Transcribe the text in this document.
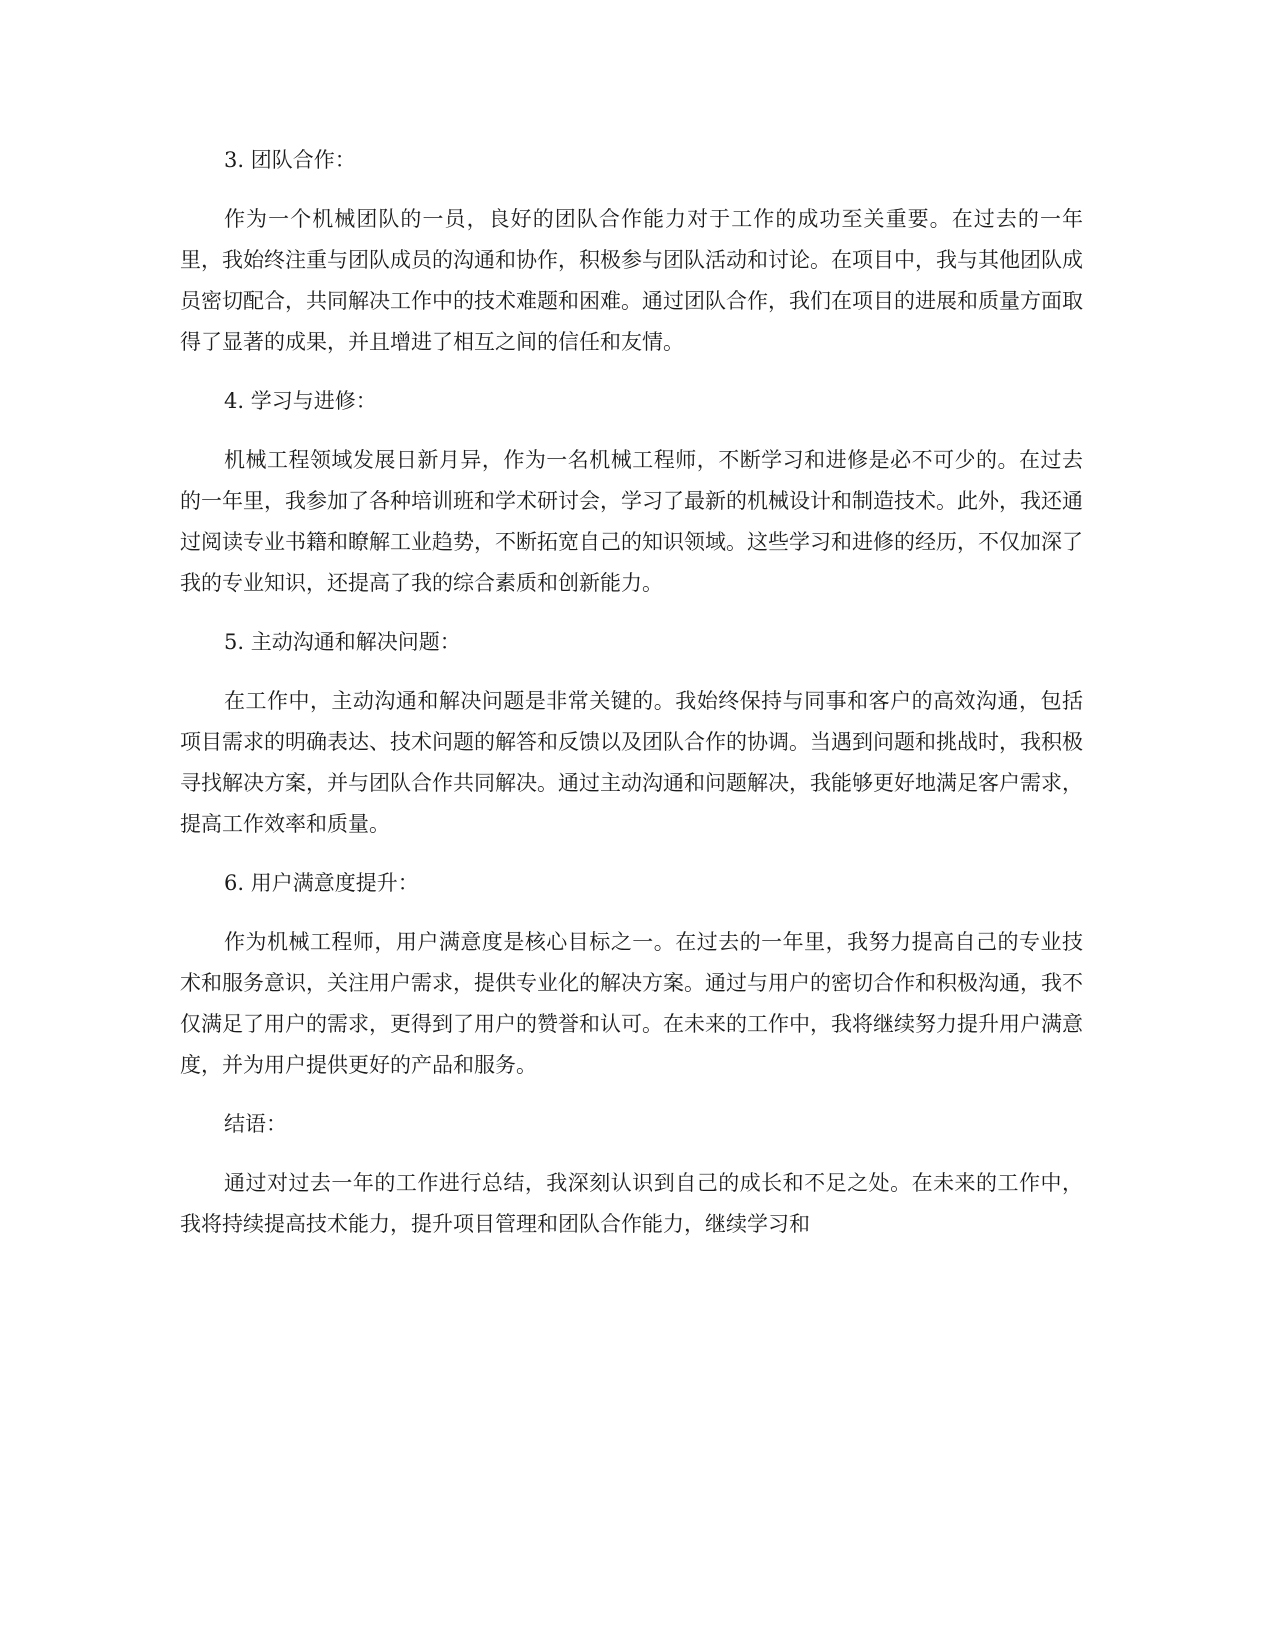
3. 团队合作：

作为一个机械团队的一员，良好的团队合作能力对于工作的成功至关重要。在过去的一年里，我始终注重与团队成员的沟通和协作，积极参与团队活动和讨论。在项目中，我与其他团队成员密切配合，共同解决工作中的技术难题和困难。通过团队合作，我们在项目的进展和质量方面取得了显著的成果，并且增进了相互之间的信任和友情。

4. 学习与进修：

机械工程领域发展日新月异，作为一名机械工程师，不断学习和进修是必不可少的。在过去的一年里，我参加了各种培训班和学术研讨会，学习了最新的机械设计和制造技术。此外，我还通过阅读专业书籍和瞭解工业趋势，不断拓宽自己的知识领域。这些学习和进修的经历，不仅加深了我的专业知识，还提高了我的综合素质和创新能力。

5. 主动沟通和解决问题：

在工作中，主动沟通和解决问题是非常关键的。我始终保持与同事和客户的高效沟通，包括项目需求的明确表达、技术问题的解答和反馈以及团队合作的协调。当遇到问题和挑战时，我积极寻找解决方案，并与团队合作共同解决。通过主动沟通和问题解决，我能够更好地满足客户需求，提高工作效率和质量。

6. 用户满意度提升：

作为机械工程师，用户满意度是核心目标之一。在过去的一年里，我努力提高自己的专业技术和服务意识，关注用户需求，提供专业化的解决方案。通过与用户的密切合作和积极沟通，我不仅满足了用户的需求，更得到了用户的赞誉和认可。在未来的工作中，我将继续努力提升用户满意度，并为用户提供更好的产品和服务。

结语：

通过对过去一年的工作进行总结，我深刻认识到自己的成长和不足之处。在未来的工作中，我将持续提高技术能力，提升项目管理和团队合作能力，继续学习和
